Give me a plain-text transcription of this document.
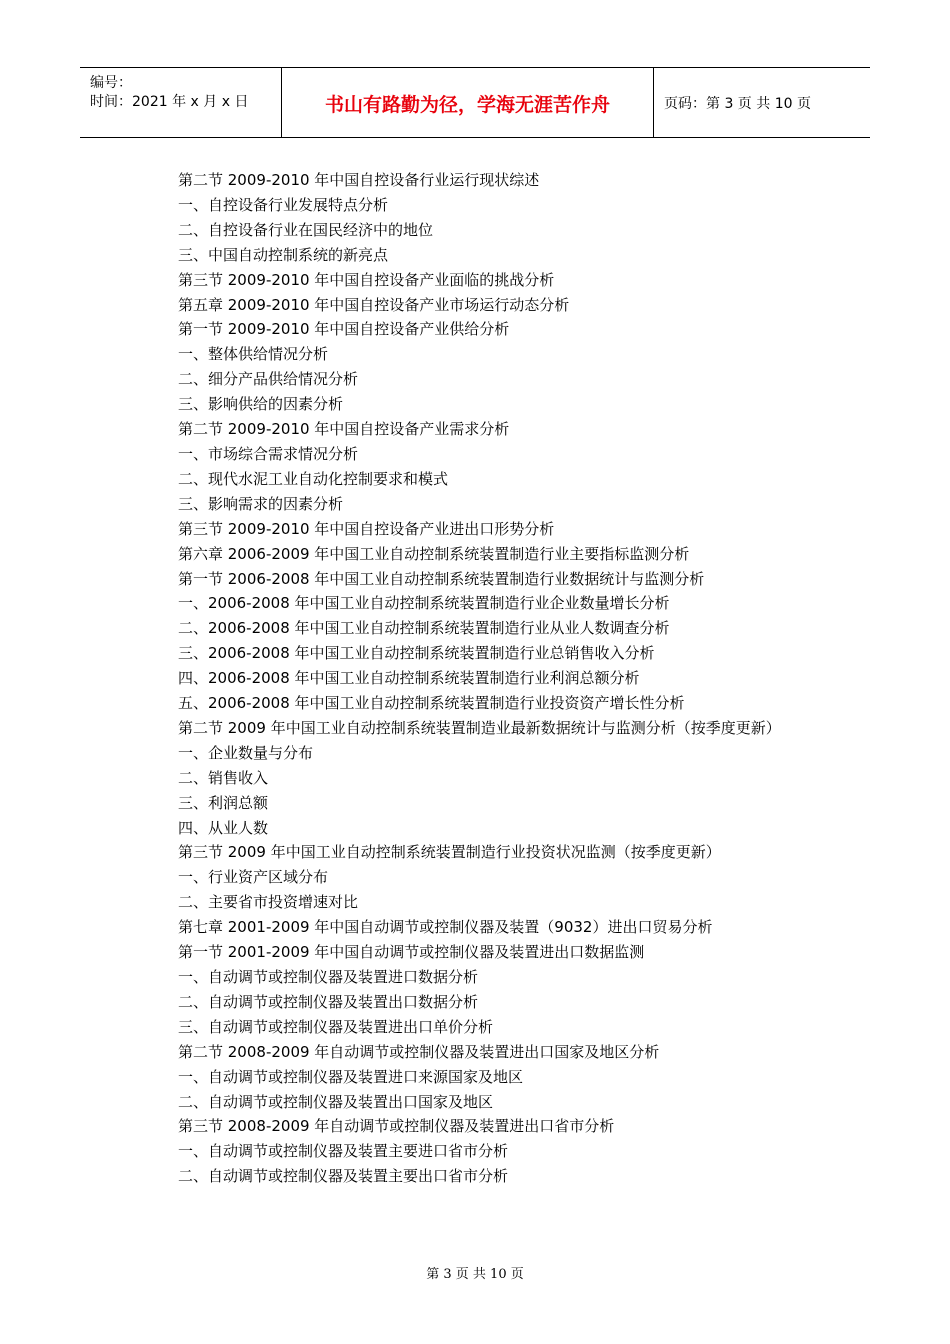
编号：
时间：2021 年 x 月 x 日	书山有路勤为径，学海无涯苦作舟	页码：第 3 页 共 10 页
第二节 2009-2010 年中国自控设备行业运行现状综述
一、自控设备行业发展特点分析
二、自控设备行业在国民经济中的地位
三、中国自动控制系统的新亮点
第三节 2009-2010 年中国自控设备产业面临的挑战分析
第五章 2009-2010 年中国自控设备产业市场运行动态分析
第一节 2009-2010 年中国自控设备产业供给分析
一、整体供给情况分析
二、细分产品供给情况分析
三、影响供给的因素分析
第二节 2009-2010 年中国自控设备产业需求分析
一、市场综合需求情况分析
二、现代水泥工业自动化控制要求和模式
三、影响需求的因素分析
第三节 2009-2010 年中国自控设备产业进出口形势分析
第六章 2006-2009 年中国工业自动控制系统装置制造行业主要指标监测分析
第一节 2006-2008 年中国工业自动控制系统装置制造行业数据统计与监测分析
一、2006-2008 年中国工业自动控制系统装置制造行业企业数量增长分析
二、2006-2008 年中国工业自动控制系统装置制造行业从业人数调查分析
三、2006-2008 年中国工业自动控制系统装置制造行业总销售收入分析
四、2006-2008 年中国工业自动控制系统装置制造行业利润总额分析
五、2006-2008 年中国工业自动控制系统装置制造行业投资资产增长性分析
第二节 2009 年中国工业自动控制系统装置制造业最新数据统计与监测分析（按季度更新）
一、企业数量与分布
二、销售收入
三、利润总额
四、从业人数
第三节 2009 年中国工业自动控制系统装置制造行业投资状况监测（按季度更新）
一、行业资产区域分布
二、主要省市投资增速对比
第七章 2001-2009 年中国自动调节或控制仪器及装置（9032）进出口贸易分析
第一节 2001-2009 年中国自动调节或控制仪器及装置进出口数据监测
一、自动调节或控制仪器及装置进口数据分析
二、自动调节或控制仪器及装置出口数据分析
三、自动调节或控制仪器及装置进出口单价分析
第二节 2008-2009 年自动调节或控制仪器及装置进出口国家及地区分析
一、自动调节或控制仪器及装置进口来源国家及地区
二、自动调节或控制仪器及装置出口国家及地区
第三节 2008-2009 年自动调节或控制仪器及装置进出口省市分析
一、自动调节或控制仪器及装置主要进口省市分析
二、自动调节或控制仪器及装置主要出口省市分析
第 3 页 共 10 页
